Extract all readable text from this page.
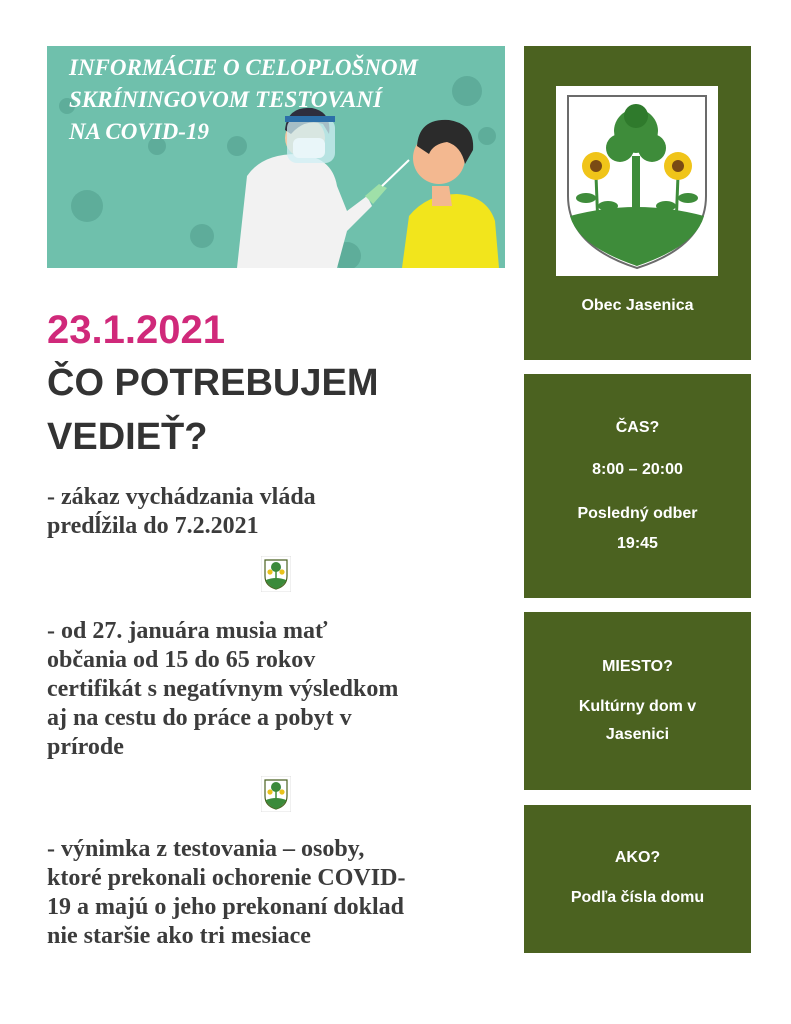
INFORMÁCIE O CELOPLOŠNOM
SKRÍNINGOVOM TESTOVANÍ
NA COVID-19
23.1.2021
ČO POTREBUJEM
VEDIEŤ?
- zákaz vychádzania vláda
predĺžila do 7.2.2021
- od 27. januára musia mať
občania od 15 do 65 rokov
certifikát s negatívnym výsledkom
aj na cestu do práce a pobyt v
prírode
- výnimka z testovania – osoby,
ktoré prekonali ochorenie COVID-
19 a majú o jeho prekonaní doklad
nie staršie ako tri mesiace
Obec Jasenica
ČAS?
8:00 – 20:00
Posledný odber
19:45
MIESTO?
Kultúrny dom v
Jasenici
AKO?
Podľa čísla domu
